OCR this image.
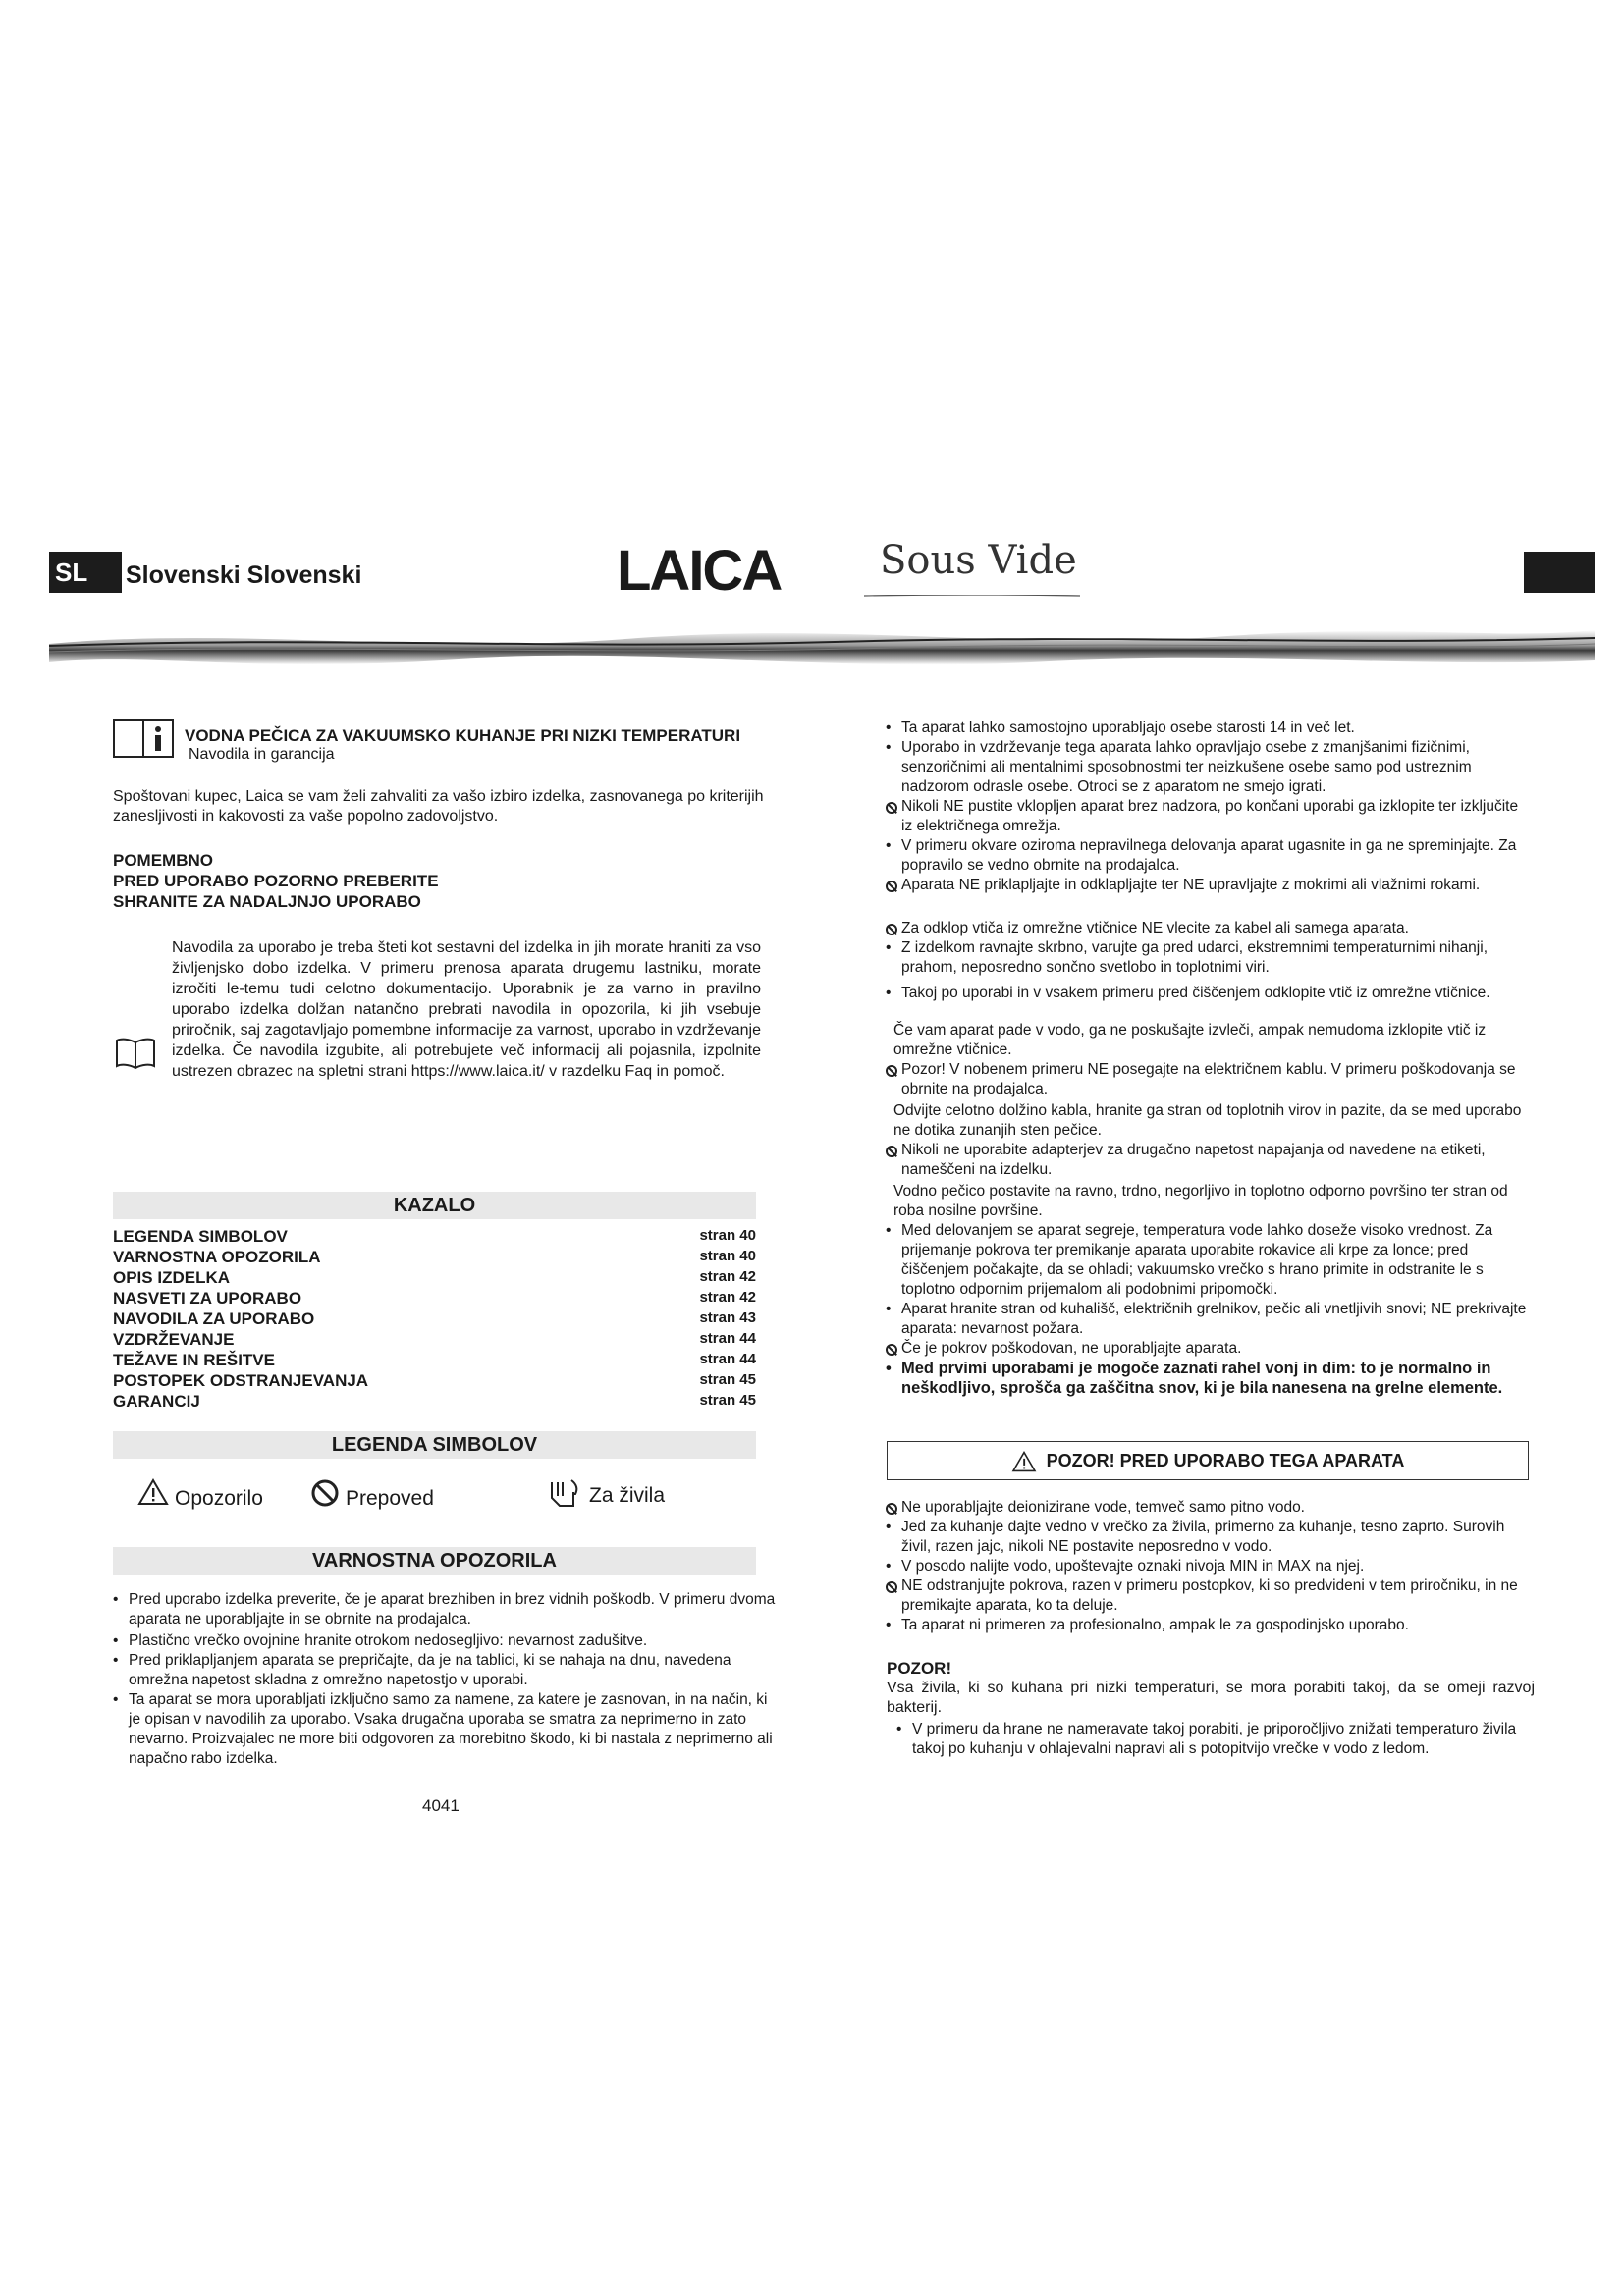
SL	Slovenski Slovenski	LAICA	Sous Vide
VODNA PEČICA ZA VAKUUMSKO KUHANJE PRI NIZKI TEMPERATURI
Navodila in garancija
Spoštovani kupec, Laica se vam želi zahvaliti za vašo izbiro izdelka, zasnovanega po kriterijih zanesljivosti in kakovosti za vaše popolno zadovoljstvo.
POMEMBNO
PRED UPORABO POZORNO PREBERITE
SHRANITE ZA NADALJNJO UPORABO
Navodila za uporabo je treba šteti kot sestavni del izdelka in jih morate hraniti za vso življenjsko dobo izdelka. V primeru prenosa aparata drugemu lastniku, morate izročiti le-temu tudi celotno dokumentacijo. Uporabnik je za varno in pravilno uporabo izdelka dolžan natančno prebrati navodila in opozorila, ki jih vsebuje priročnik, saj zagotavljajo pomembne informacije za varnost, uporabo in vzdrževanje izdelka. Če navodila izgubite, ali potrebujete več informacij ali pojasnila, izpolnite ustrezen obrazec na spletni strani https://www.laica.it/ v razdelku Faq in pomoč.
KAZALO
LEGENDA SIMBOLOV	stran 40
VARNOSTNA OPOZORILA	stran 40
OPIS IZDELKA	stran 42
NASVETI ZA UPORABO	stran 42
NAVODILA ZA UPORABO	stran 43
VZDRŽEVANJE	stran 44
TEŽAVE IN REŠITVE	stran 44
POSTOPEK ODSTRANJEVANJA	stran 45
GARANCIJ	stran 45
LEGENDA SIMBOLOV
Opozorilo	Prepoved	Za živila
VARNOSTNA OPOZORILA
• Pred uporabo izdelka preverite, če je aparat brezhiben in brez vidnih poškodb. V primeru dvoma aparata ne uporabljajte in se obrnite na prodajalca.
• Plastično vrečko ovojnine hranite otrokom nedosegljivo: nevarnost zadušitve.
• Pred priklapljanjem aparata se prepričajte, da je na tablici, ki se nahaja na dnu, navedena omrežna napetost skladna z omrežno napetostjo v uporabi.
• Ta aparat se mora uporabljati izključno samo za namene, za katere je zasnovan, in na način, ki je opisan v navodilih za uporabo. Vsaka drugačna uporaba se smatra za neprimerno in zato nevarno. Proizvajalec ne more biti odgovoren za morebitno škodo, ki bi nastala z neprimerno ali napačno rabo izdelka.
4041
• Ta aparat lahko samostojno uporabljajo osebe starosti 14 in več let.
• Uporabo in vzdrževanje tega aparata lahko opravljajo osebe z zmanjšanimi fizičnimi, senzoričnimi ali mentalnimi sposobnostmi ter neizkušene osebe samo pod ustreznim nadzorom odrasle osebe. Otroci se z aparatom ne smejo igrati.
Nikoli NE pustite vklopljen aparat brez nadzora, po končani uporabi ga izklopite ter izključite iz električnega omrežja.
• V primeru okvare oziroma nepravilnega delovanja aparat ugasnite in ga ne spreminjajte. Za popravilo se vedno obrnite na prodajalca.
Aparata NE priklapljajte in odklapljajte ter NE upravljajte z mokrimi ali vlažnimi rokami.
Za odklop vtiča iz omrežne vtičnice NE vlecite za kabel ali samega aparata.
• Z izdelkom ravnajte skrbno, varujte ga pred udarci, ekstremnimi temperaturnimi nihanji, prahom, neposredno sončno svetlobo in toplotnimi viri.
• Takoj po uporabi in v vsakem primeru pred čiščenjem odklopite vtič iz omrežne vtičnice.
Če vam aparat pade v vodo, ga ne poskušajte izvleči, ampak nemudoma izklopite vtič iz omrežne vtičnice.
Pozor! V nobenem primeru NE posegajte na električnem kablu. V primeru poškodovanja se obrnite na prodajalca.
Odvijte celotno dolžino kabla, hranite ga stran od toplotnih virov in pazite, da se med uporabo ne dotika zunanjih sten pečice.
Nikoli ne uporabite adapterjev za drugačno napetost napajanja od navedene na etiketi, nameščeni na izdelku.
Vodno pečico postavite na ravno, trdno, negorljivo in toplotno odporno površino ter stran od roba nosilne površine.
• Med delovanjem se aparat segreje, temperatura vode lahko doseže visoko vrednost. Za prijemanje pokrova ter premikanje aparata uporabite rokavice ali krpe za lonce; pred čiščenjem počakajte, da se ohladi; vakuumsko vrečko s hrano primite in odstranite le s toplotno odpornim prijemalom ali podobnimi pripomočki.
• Aparat hranite stran od kuhališč, električnih grelnikov, pečic ali vnetljivih snovi; NE prekrivajte aparata: nevarnost požara.
Če je pokrov poškodovan, ne uporabljajte aparata.
• Med prvimi uporabami je mogoče zaznati rahel vonj in dim: to je normalno in neškodljivo, sprošča ga zaščitna snov, ki je bila nanesena na grelne elemente.
POZOR! PRED UPORABO TEGA APARATA
Ne uporabljajte deionizirane vode, temveč samo pitno vodo.
• Jed za kuhanje dajte vedno v vrečko za živila, primerno za kuhanje, tesno zaprto. Surovih živil, razen jajc, nikoli NE postavite neposredno v vodo.
• V posodo nalijte vodo, upoštevajte oznaki nivoja MIN in MAX na njej.
NE odstranjujte pokrova, razen v primeru postopkov, ki so predvideni v tem priročniku, in ne premikajte aparata, ko ta deluje.
• Ta aparat ni primeren za profesionalno, ampak le za gospodinjsko uporabo.
POZOR!
Vsa živila, ki so kuhana pri nizki temperaturi, se mora porabiti takoj, da se omeji razvoj bakterij.
• V primeru da hrane ne nameravate takoj porabiti, je priporočljivo znižati temperaturo živila takoj po kuhanju v ohlajevalni napravi ali s potopitvijo vrečke v vodo z ledom.
